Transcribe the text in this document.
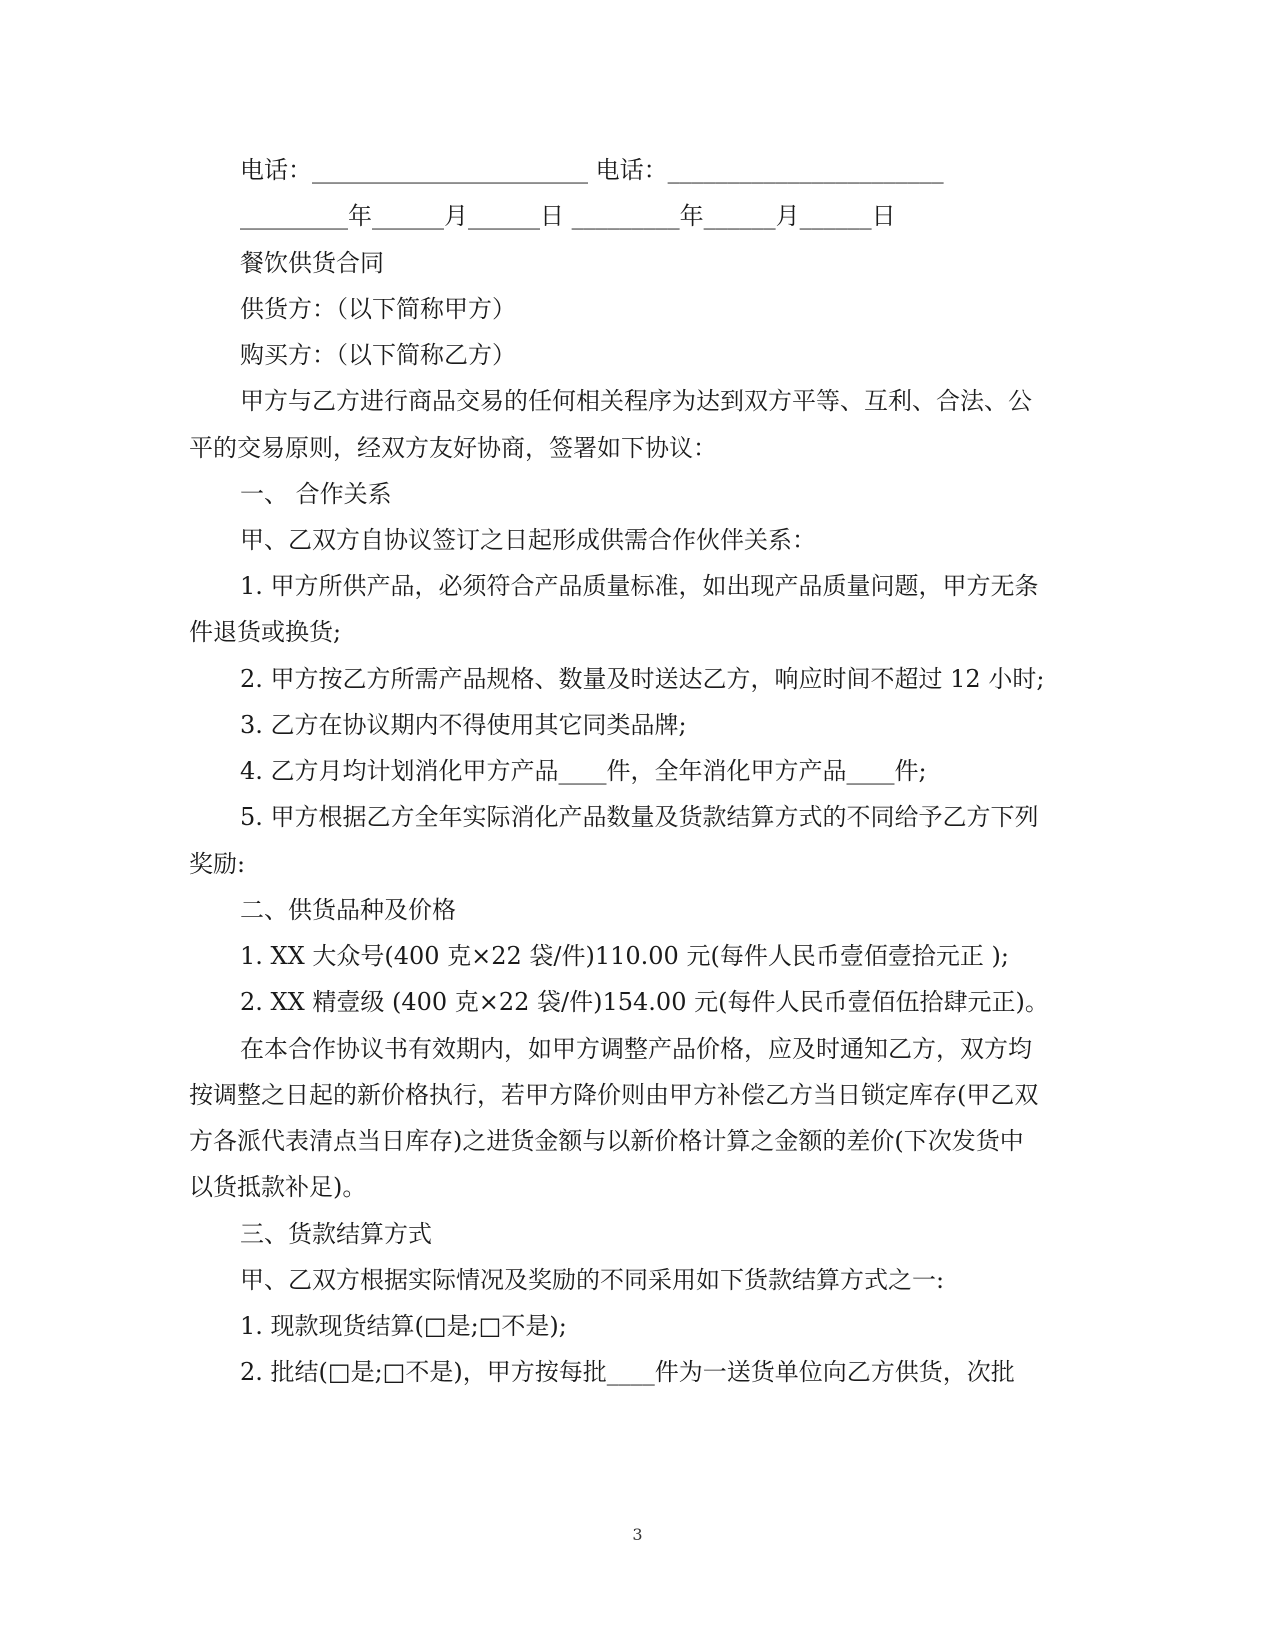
电话：_______________________ 电话：_______________________
_________年______月______日 _________年______月______日
餐饮供货合同
供货方：（以下简称甲方）
购买方：（以下简称乙方）
甲方与乙方进行商品交易的任何相关程序为达到双方平等、互利、合法、公
平的交易原则，经双方友好协商，签署如下协议：
一、 合作关系
甲、乙双方自协议签订之日起形成供需合作伙伴关系：
1. 甲方所供产品，必须符合产品质量标准，如出现产品质量问题，甲方无条
件退货或换货;
2. 甲方按乙方所需产品规格、数量及时送达乙方，响应时间不超过 12 小时;
3. 乙方在协议期内不得使用其它同类品牌;
4. 乙方月均计划消化甲方产品____件，全年消化甲方产品____件;
5. 甲方根据乙方全年实际消化产品数量及货款结算方式的不同给予乙方下列
奖励:
二、供货品种及价格
1. XX 大众号(400 克×22 袋/件)110.00 元(每件人民币壹佰壹拾元正 );
2. XX 精壹级 (400 克×22 袋/件)154.00 元(每件人民币壹佰伍拾肆元正)。
在本合作协议书有效期内，如甲方调整产品价格，应及时通知乙方，双方均
按调整之日起的新价格执行，若甲方降价则由甲方补偿乙方当日锁定库存(甲乙双
方各派代表清点当日库存)之进货金额与以新价格计算之金额的差价(下次发货中
以货抵款补足)。
三、货款结算方式
甲、乙双方根据实际情况及奖励的不同采用如下货款结算方式之一:
1. 现款现货结算(□是;□不是);
2. 批结(□是;□不是)，甲方按每批____件为一送货单位向乙方供货，次批
3
